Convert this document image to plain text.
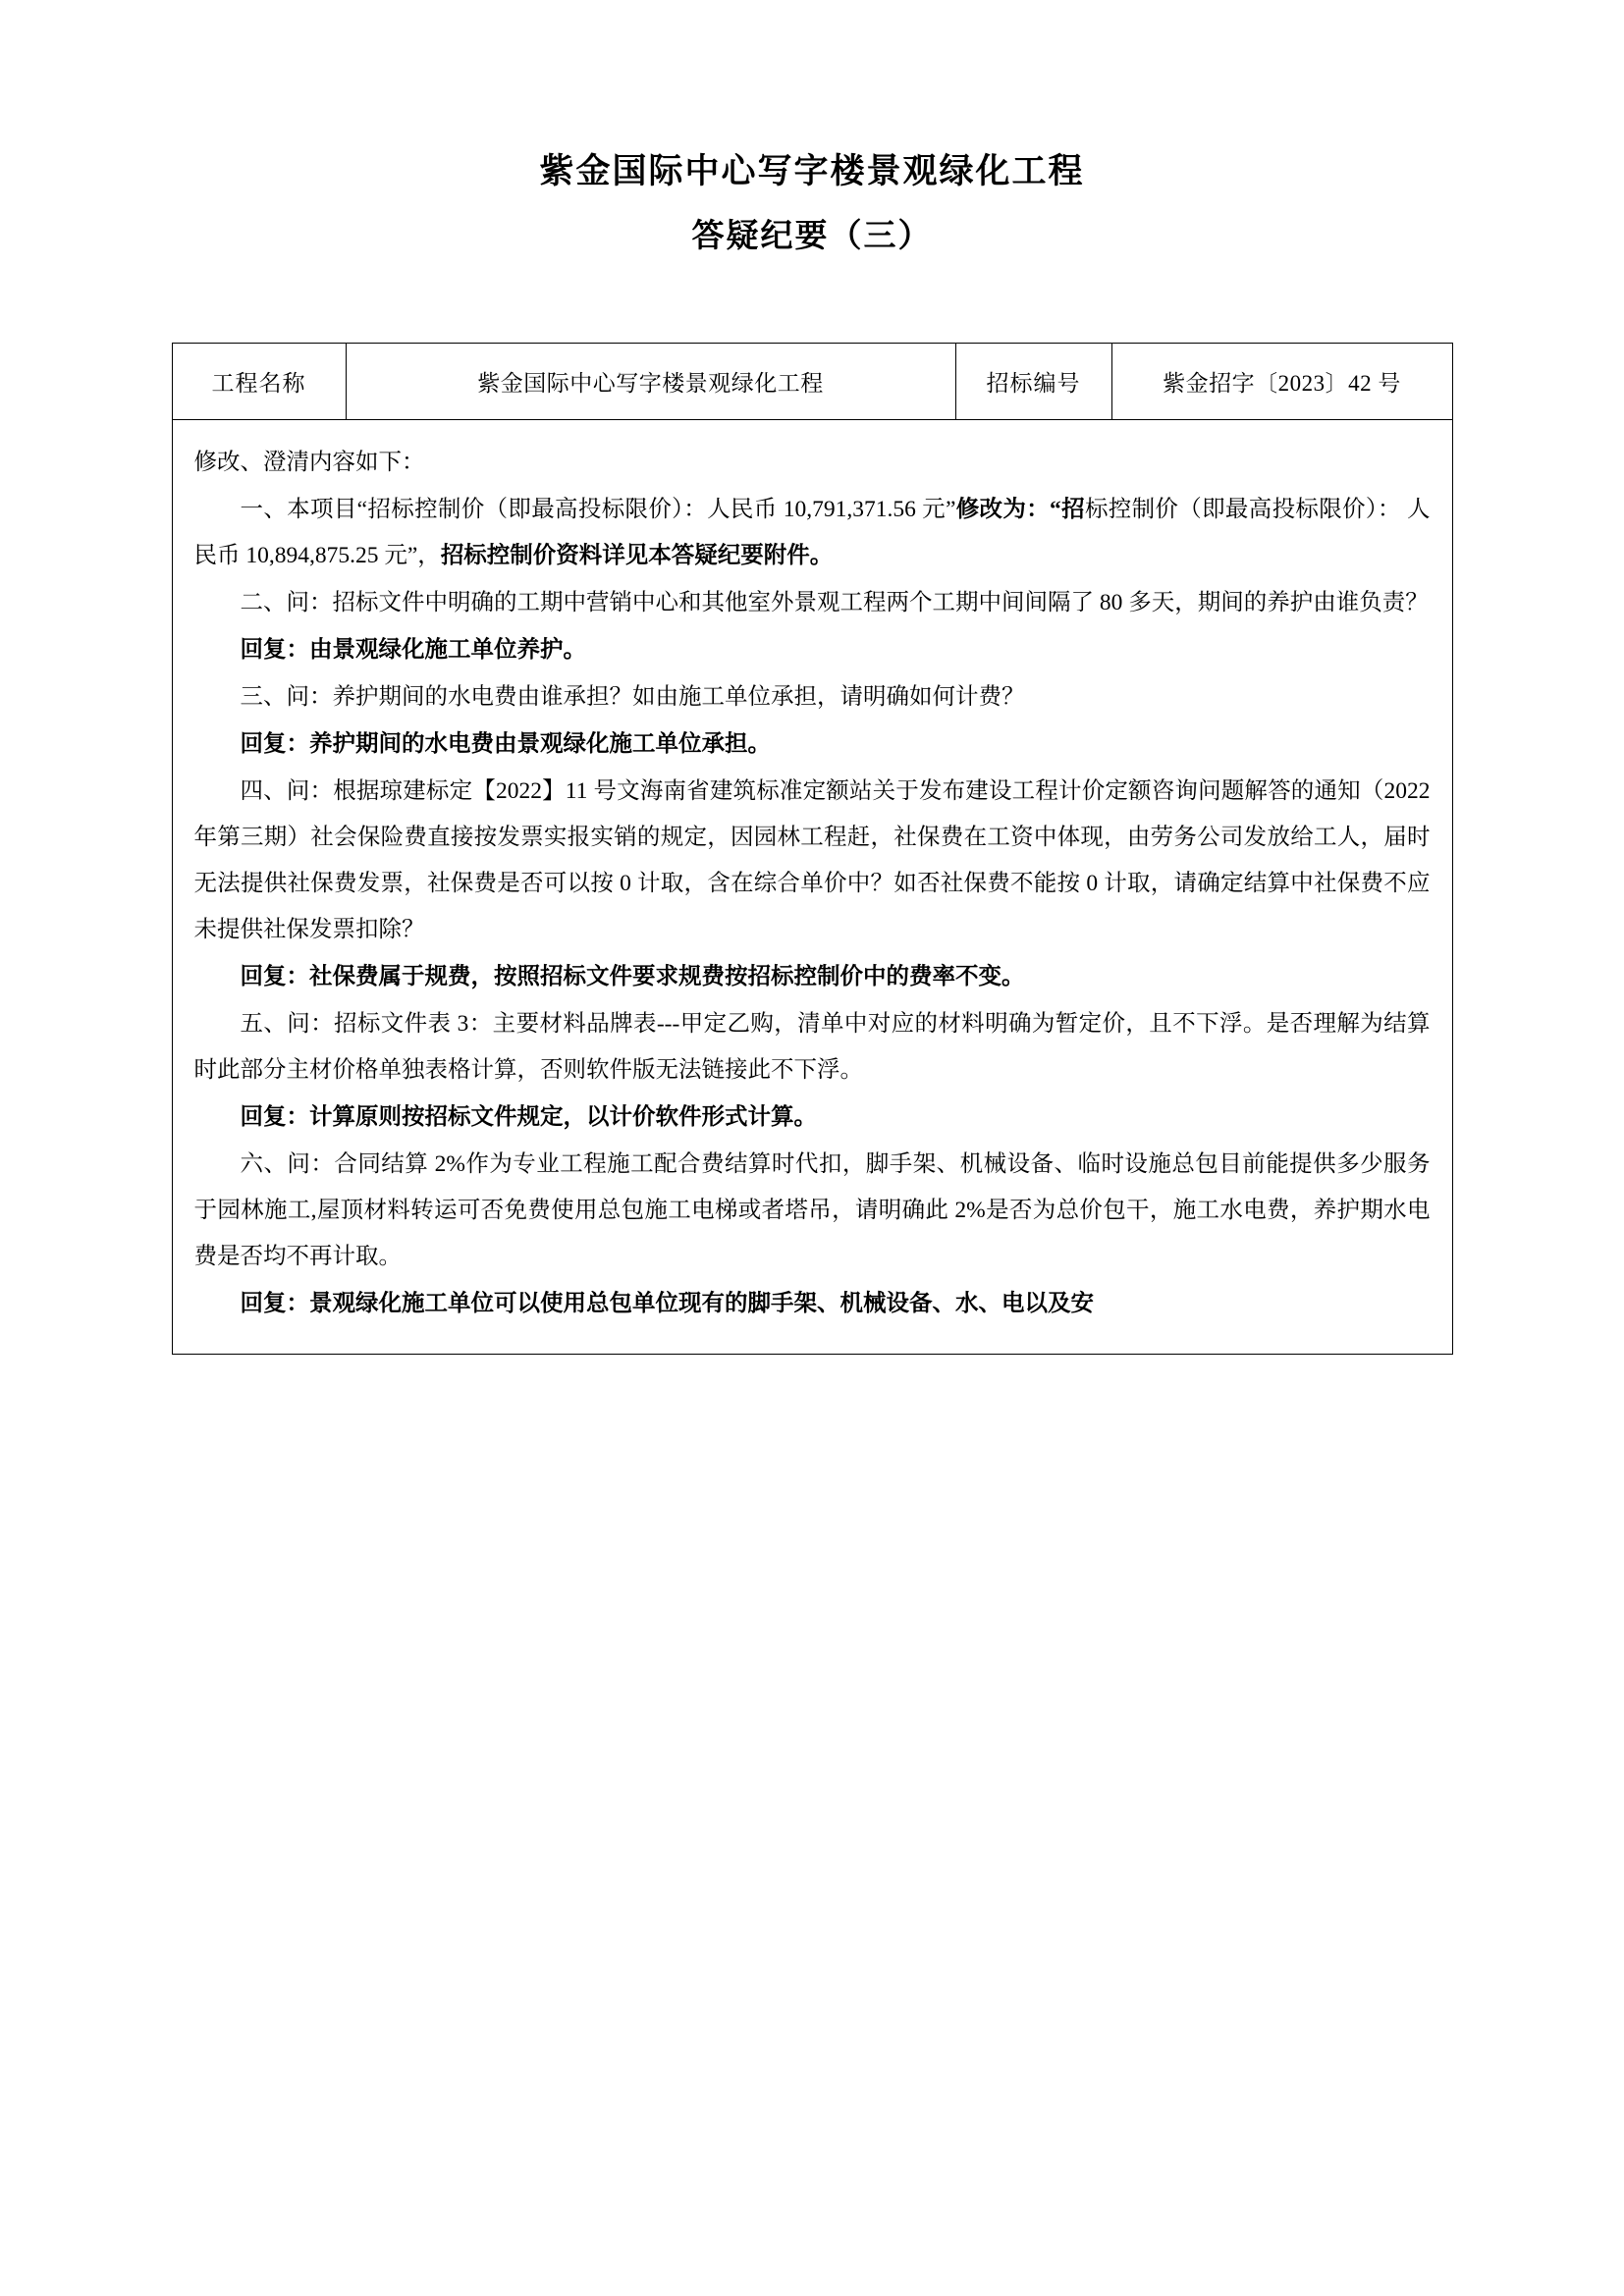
紫金国际中心写字楼景观绿化工程
答疑纪要（三）
工程名称	紫金国际中心写字楼景观绿化工程	招标编号	紫金招字〔2023〕42 号

修改、澄清内容如下：

一、本项目“招标控制价（即最高投标限价）：人民币 10,791,371.56 元”修改为：“招标控制价（即最高投标限价）： 人民币 10,894,875.25 元”，招标控制价资料详见本答疑纪要附件。

二、问：招标文件中明确的工期中营销中心和其他室外景观工程两个工期中间间隔了 80 多天，期间的养护由谁负责？

回复：由景观绿化施工单位养护。

三、问：养护期间的水电费由谁承担？如由施工单位承担，请明确如何计费？

回复：养护期间的水电费由景观绿化施工单位承担。

四、问：根据琼建标定【2022】11 号文海南省建筑标准定额站关于发布建设工程计价定额咨询问题解答的通知（2022 年第三期）社会保险费直接按发票实报实销的规定，因园林工程赶，社保费在工资中体现，由劳务公司发放给工人，届时无法提供社保费发票，社保费是否可以按 0 计取，含在综合单价中？如否社保费不能按 0 计取，请确定结算中社保费不应未提供社保发票扣除？

回复：社保费属于规费，按照招标文件要求规费按招标控制价中的费率不变。

五、问：招标文件表 3：主要材料品牌表---甲定乙购，清单中对应的材料明确为暂定价，且不下浮。是否理解为结算时此部分主材价格单独表格计算，否则软件版无法链接此不下浮。

回复：计算原则按招标文件规定，以计价软件形式计算。

六、问：合同结算 2%作为专业工程施工配合费结算时代扣，脚手架、机械设备、临时设施总包目前能提供多少服务于园林施工,屋顶材料转运可否免费使用总包施工电梯或者塔吊，请明确此 2%是否为总价包干，施工水电费，养护期水电费是否均不再计取。

回复：景观绿化施工单位可以使用总包单位现有的脚手架、机械设备、水、电以及安
